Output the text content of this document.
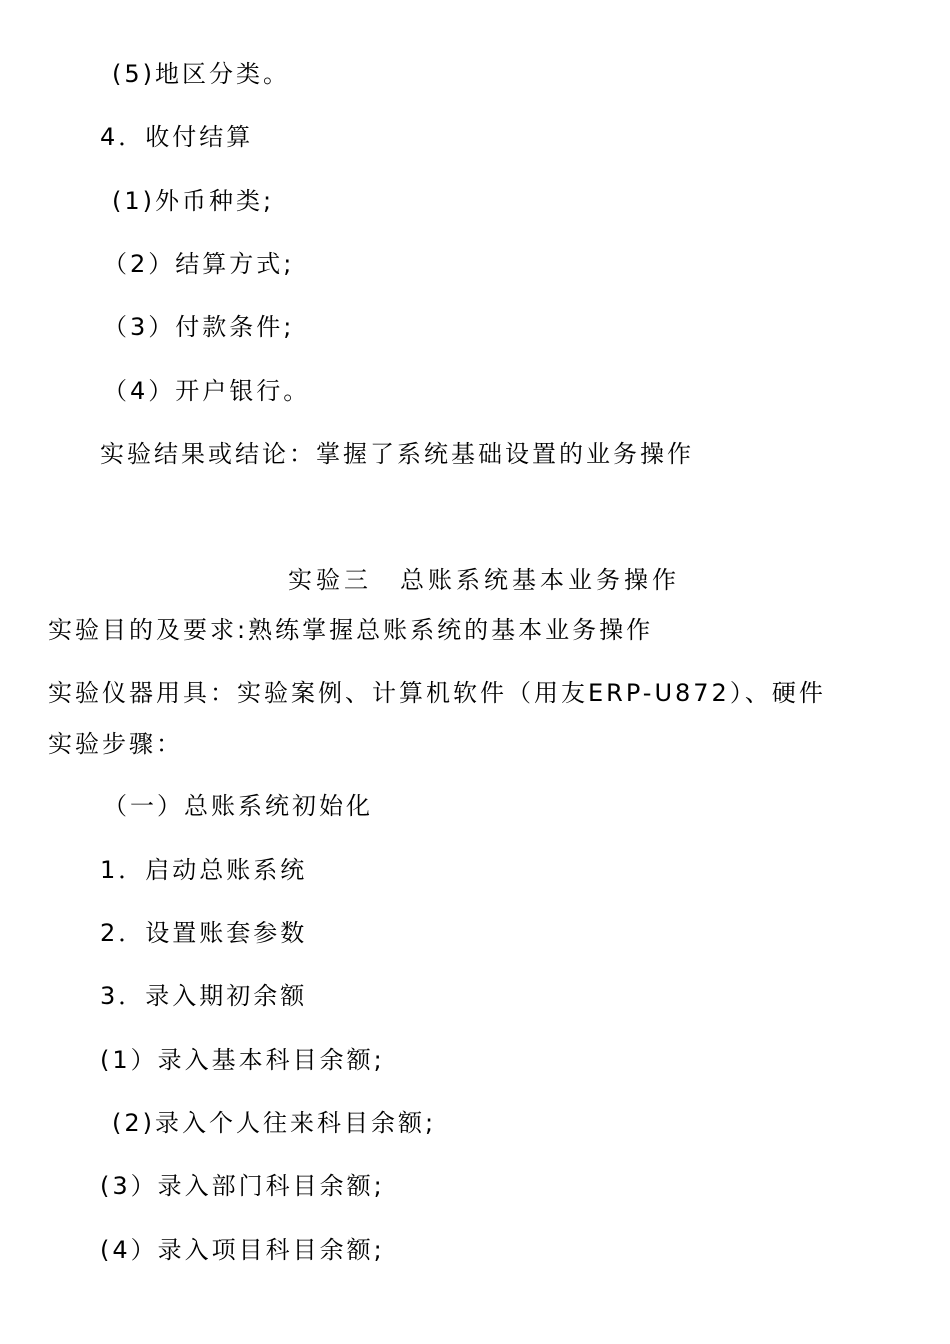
(5)地区分类。
4．收付结算
(1)外币种类;
（2）结算方式;
（3）付款条件;
（4）开户银行。
实验结果或结论：掌握了系统基础设置的业务操作
实验三　总账系统基本业务操作
实验目的及要求:熟练掌握总账系统的基本业务操作
实验仪器用具：实验案例、计算机软件（用友ERP-U872）、硬件
实验步骤：
（一）总账系统初始化
1．启动总账系统
2．设置账套参数
3．录入期初余额
(1）录入基本科目余额;
(2)录入个人往来科目余额;
(3）录入部门科目余额;
(4）录入项目科目余额;
